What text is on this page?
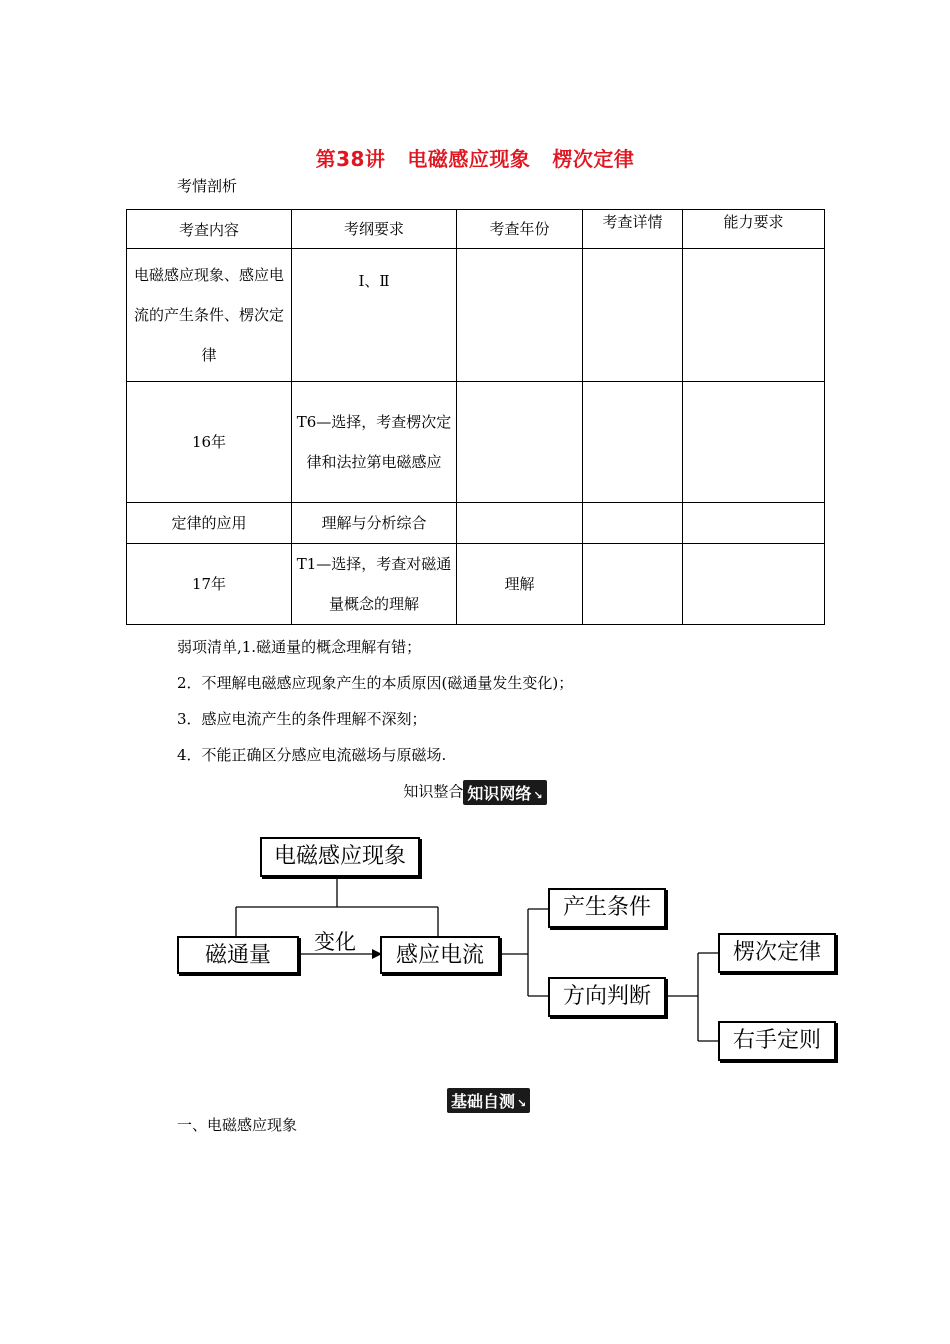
第38讲 电磁感应现象 楞次定律
考情剖析
考查内容	考纲要求	考查年份	考查详情	能力要求
电磁感应现象、感应电流的产生条件、楞次定律	Ⅰ、Ⅱ			
16年	T6—选择，考查楞次定律和法拉第电磁感应			
定律的应用	理解与分析综合			
17年	T1—选择，考查对磁通量概念的理解	理解		
弱项清单,1.磁通量的概念理解有错；
2．不理解电磁感应现象产生的本质原因(磁通量发生变化)；
3．感应电流产生的条件理解不深刻；
4．不能正确区分感应电流磁场与原磁场.
知识整合 知识网络 ↘
电磁感应现象
磁通量
变化
感应电流
产生条件
方向判断
楞次定律
右手定则
基础自测 ↘
一、电磁感应现象
